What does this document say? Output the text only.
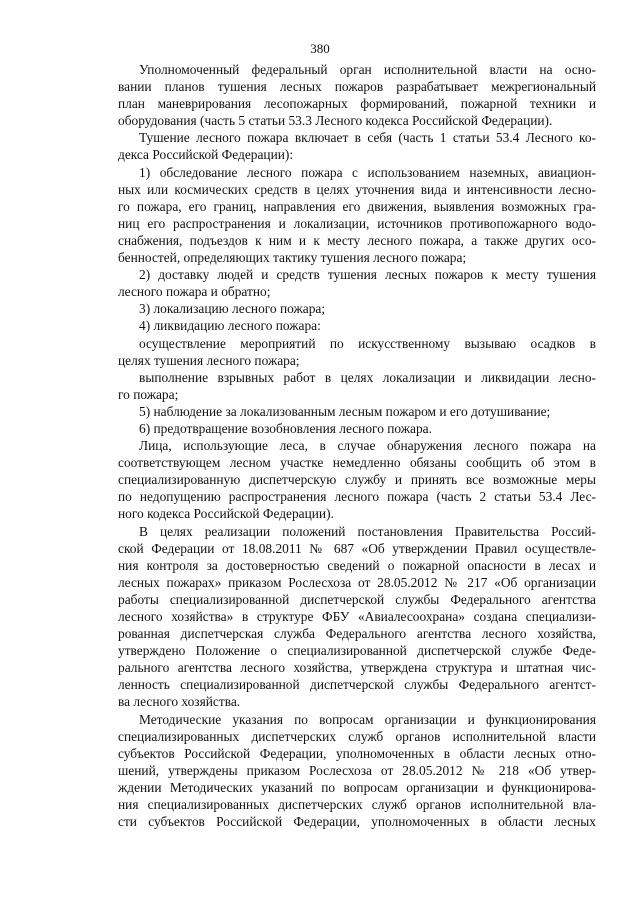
380
Уполномоченный федеральный орган исполнительной власти на осно-
вании планов тушения лесных пожаров разрабатывает межрегиональный
план маневрирования лесопожарных формирований, пожарной техники и
оборудования (часть 5 статьи 53.3 Лесного кодекса Российской Федерации).
Тушение лесного пожара включает в себя (часть 1 статьи 53.4 Лесного ко-
декса Российской Федерации):
1) обследование лесного пожара с использованием наземных, авиацион-
ных или космических средств в целях уточнения вида и интенсивности лесно-
го пожара, его границ, направления его движения, выявления возможных гра-
ниц его распространения и локализации, источников противопожарного водо-
снабжения, подъездов к ним и к месту лесного пожара, а также других осо-
бенностей, определяющих тактику тушения лесного пожара;
2) доставку людей и средств тушения лесных пожаров к месту тушения
лесного пожара и обратно;
3) локализацию лесного пожара;
4) ликвидацию лесного пожара:
осуществление мероприятий по искусственному вызываю осадков в
целях тушения лесного пожара;
выполнение взрывных работ в целях локализации и ликвидации лесно-
го пожара;
5) наблюдение за локализованным лесным пожаром и его дотушивание;
6) предотвращение возобновления лесного пожара.
Лица, использующие леса, в случае обнаружения лесного пожара на
соответствующем лесном участке немедленно обязаны сообщить об этом в
специализированную диспетчерскую службу и принять все возможные меры
по недопущению распространения лесного пожара (часть 2 статьи 53.4 Лес-
ного кодекса Российской Федерации).
В целях реализации положений постановления Правительства Россий-
ской Федерации от 18.08.2011 № 687 «Об утверждении Правил осуществле-
ния контроля за достоверностью сведений о пожарной опасности в лесах и
лесных пожарах» приказом Рослесхоза от 28.05.2012 № 217 «Об организации
работы специализированной диспетчерской службы Федерального агентства
лесного хозяйства» в структуре ФБУ «Авиалесоохрана» создана специализи-
рованная диспетчерская служба Федерального агентства лесного хозяйства,
утверждено Положение о специализированной диспетчерской службе Феде-
рального агентства лесного хозяйства, утверждена структура и штатная чис-
ленность специализированной диспетчерской службы Федерального агентст-
ва лесного хозяйства.
Методические указания по вопросам организации и функционирования
специализированных диспетчерских служб органов исполнительной власти
субъектов Российской Федерации, уполномоченных в области лесных отно-
шений, утверждены приказом Рослесхоза от 28.05.2012 № 218 «Об утвер-
ждении Методических указаний по вопросам организации и функционирова-
ния специализированных диспетчерских служб органов исполнительной вла-
сти субъектов Российской Федерации, уполномоченных в области лесных
